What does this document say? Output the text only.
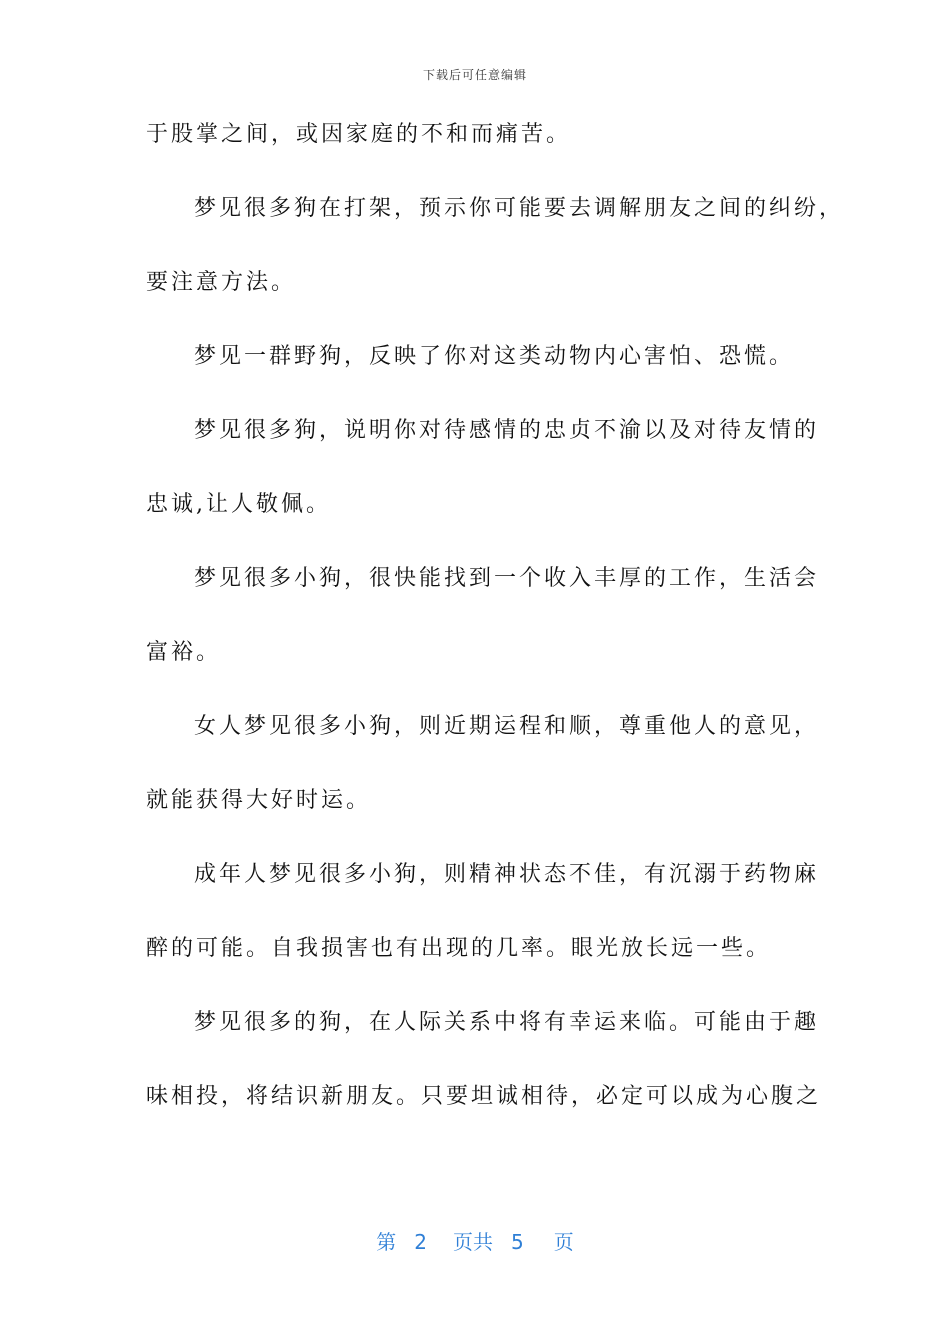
下载后可任意编辑
于股掌之间，或因家庭的不和而痛苦。
梦见很多狗在打架，预示你可能要去调解朋友之间的纠纷，
要注意方法。
梦见一群野狗，反映了你对这类动物内心害怕、恐慌。
梦见很多狗，说明你对待感情的忠贞不渝以及对待友情的
忠诚,让人敬佩。
梦见很多小狗，很快能找到一个收入丰厚的工作，生活会
富裕。
女人梦见很多小狗，则近期运程和顺，尊重他人的意见，
就能获得大好时运。
成年人梦见很多小狗，则精神状态不佳，有沉溺于药物麻
醉的可能。自我损害也有出现的几率。眼光放长远一些。
梦见很多的狗，在人际关系中将有幸运来临。可能由于趣
味相投，将结识新朋友。只要坦诚相待，必定可以成为心腹之
第 2 页共 5 页
